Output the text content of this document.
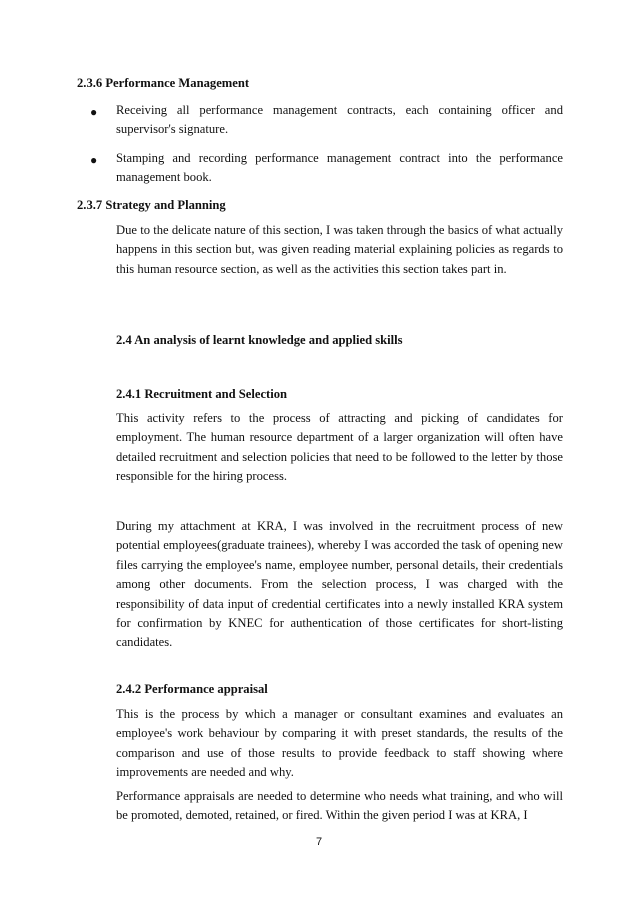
2.3.6 Performance Management
● Receiving all performance management contracts, each containing officer and supervisor's signature.

● Stamping and recording performance management contract into the performance management book.

2.3.7 Strategy and Planning

Due to the delicate nature of this section, I was taken through the basics of what actually happens in this section but, was given reading material explaining policies as regards to this human resource section, as well as the activities this section takes part in.

2.4 An analysis of learnt knowledge and applied skills
2.4.1 Recruitment and Selection

This activity refers to the process of attracting and picking of candidates for employment. The human resource department of a larger organization will often have detailed recruitment and selection policies that need to be followed to the letter by those responsible for the hiring process.

During my attachment at KRA, I was involved in the recruitment process of new potential employees(graduate trainees), whereby I was accorded the task of opening new files carrying the employee's name, employee number, personal details, their credentials among other documents. From the selection process, I was charged with the responsibility of data input of credential certificates into a newly installed KRA system for confirmation by KNEC for authentication of those certificates for short-listing candidates.

2.4.2 Performance appraisal

This is the process by which a manager or consultant examines and evaluates an employee's work behaviour by comparing it with preset standards, the results of the comparison and use of those results to provide feedback to staff showing where improvements are needed and why.

Performance appraisals are needed to determine who needs what training, and who will be promoted, demoted, retained, or fired. Within the given period I was at KRA, I

7
